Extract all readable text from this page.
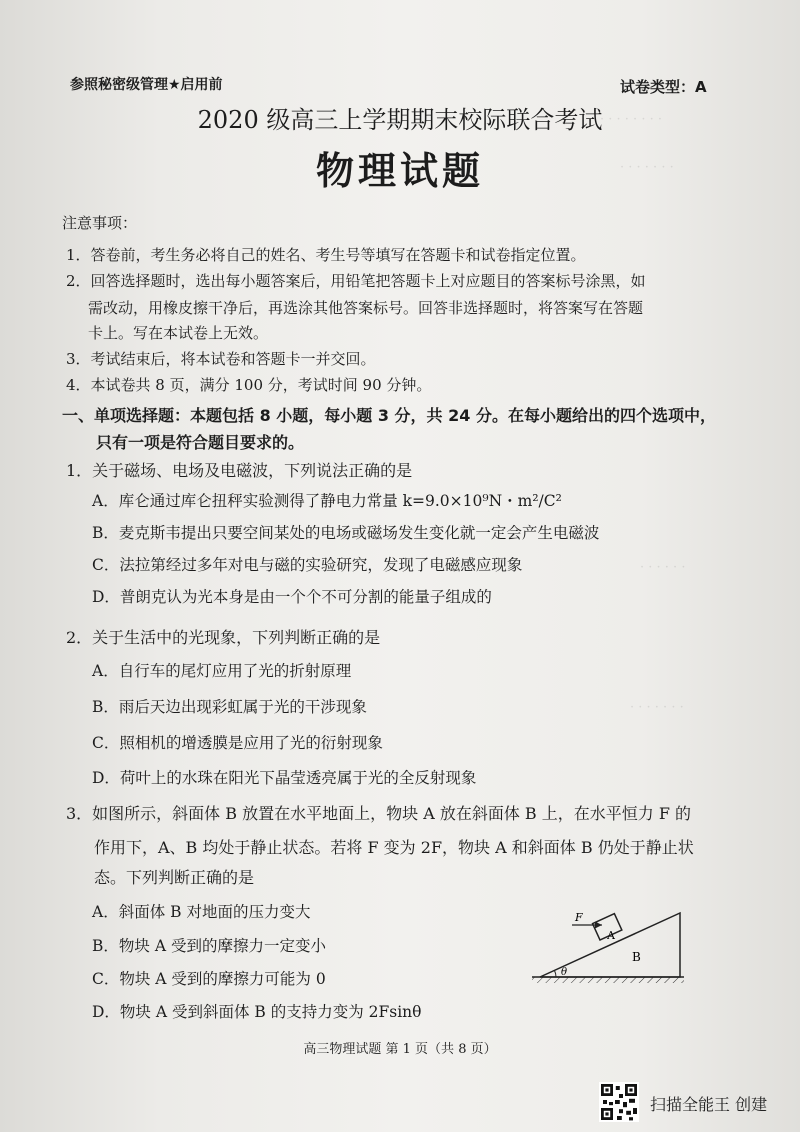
· · · · · · · ·
· · · · · · ·
· · · · · ·
· · · · · · ·
参照秘密级管理★启用前	试卷类型：A
2020 级高三上学期期末校际联合考试
物理试题
注意事项：
1．答卷前，考生务必将自己的姓名、考生号等填写在答题卡和试卷指定位置。
2．回答选择题时，选出每小题答案后，用铅笔把答题卡上对应题目的答案标号涂黑，如
需改动，用橡皮擦干净后，再选涂其他答案标号。回答非选择题时，将答案写在答题
卡上。写在本试卷上无效。
3．考试结束后，将本试卷和答题卡一并交回。
4．本试卷共 8 页，满分 100 分，考试时间 90 分钟。
一、单项选择题：本题包括 8 小题，每小题 3 分，共 24 分。在每小题给出的四个选项中，
只有一项是符合题目要求的。
1．关于磁场、电场及电磁波，下列说法正确的是
A．库仑通过库仑扭秤实验测得了静电力常量 k=9.0×10⁹N・m²/C²
B．麦克斯韦提出只要空间某处的电场或磁场发生变化就一定会产生电磁波
C．法拉第经过多年对电与磁的实验研究，发现了电磁感应现象
D．普朗克认为光本身是由一个个不可分割的能量子组成的
2．关于生活中的光现象，下列判断正确的是
A．自行车的尾灯应用了光的折射原理
B．雨后天边出现彩虹属于光的干涉现象
C．照相机的增透膜是应用了光的衍射现象
D．荷叶上的水珠在阳光下晶莹透亮属于光的全反射现象
3．如图所示，斜面体 B 放置在水平地面上，物块 A 放在斜面体 B 上，在水平恒力 F 的
作用下，A、B 均处于静止状态。若将 F 变为 2F，物块 A 和斜面体 B 仍处于静止状
态。下列判断正确的是
A．斜面体 B 对地面的压力变大
B．物块 A 受到的摩擦力一定变小
C．物块 A 受到的摩擦力可能为 0
D．物块 A 受到斜面体 B 的支持力变为 2Fsinθ
F
A
B
θ
高三物理试题 第 1 页（共 8 页）
扫描全能王 创建
